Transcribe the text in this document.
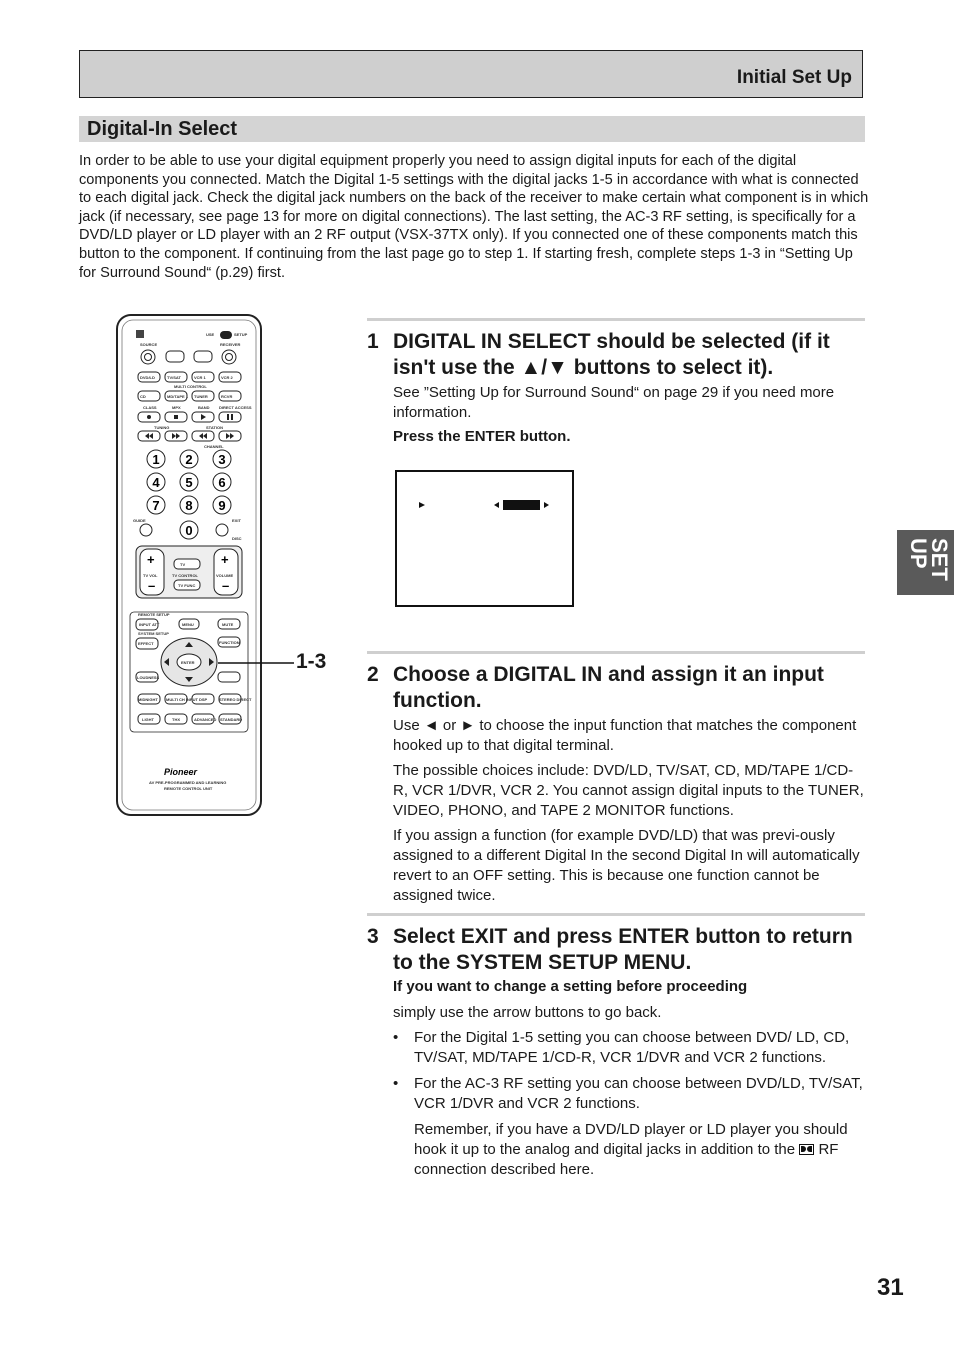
Initial Set Up
Digital-In Select
In order to be able to use your digital equipment properly you need to assign digital inputs for each of the digital components you connected. Match the Digital 1-5 settings with the digital jacks 1-5 in accordance with what is connected to each digital jack. Check the digital jack numbers on the back of the receiver to make certain what component is in which jack (if necessary, see page 13 for more on digital connections). The last setting, the AC-3 RF setting, is specifically for a DVD/LD player or LD player with an 2 RF output (VSX-37TX only). If you connected one of these components match this button to the component. If continuing from the last page go to step 1. If starting fresh, complete steps 1-3 in “Setting Up for Surround Sound“ (p.29) first.
USE	SETUP
SOURCE	RECEIVER
DVD/LD	TV/SAT	VCR 1	VCR 2
MULTI CONTROL
CD	MD/TAPE 1 TUNER	RCVR
CLASS	MPX	BAND DIRECT ACCESS
TUNING	STATION
CHANNEL
1 2 3
4 5 6
7 8 9
0
GUIDE	EXIT
DISC
+
–
+
–
TV
TV VOL	TV CONTROL	VOLUME
TV FUNC
REMOTE SETUP
INPUT ATT	MENU	MUTE
SYSTEM SETUP
EFFECT	FUNCTION
ENTER
LOUDNESS
MIDNIGHT MULTI CH INPUT DSP	STEREO DIRECT
LIGHT	THX	ADVANCED STANDARD
Pioneer
AV PRE-PROGRAMMED AND LEARNING
REMOTE CONTROL UNIT
1-3
1 DIGITAL IN SELECT should be selected (if it isn't use the ▲/▼ buttons to select it).
See ”Setting Up for Surround Sound“ on page 29 if you need more information.
Press the ENTER button.
2 Choose a DIGITAL IN and assign it an input function.
Use ◄ or ► to choose the input function that matches the component hooked up to that digital terminal.
The possible choices include: DVD/LD, TV/SAT, CD, MD/TAPE 1/CD-R, VCR 1/DVR, VCR 2. You cannot assign digital inputs to the TUNER, VIDEO, PHONO, and TAPE 2 MONITOR functions.
If you assign a function (for example DVD/LD) that was previ-ously assigned to a different Digital In the second Digital In will automatically revert to an OFF setting. This is because one function cannot be assigned twice.
3 Select EXIT and press ENTER button to return to the SYSTEM SETUP MENU.
If you want to change a setting before proceeding
simply use the arrow buttons to go back.
• For the Digital 1-5 setting you can choose between DVD/ LD, CD, TV/SAT, MD/TAPE 1/CD-R, VCR 1/DVR and VCR 2 functions.
• For the AC-3 RF setting you can choose between DVD/LD, TV/SAT, VCR 1/DVR and VCR 2 functions.
Remember, if you have a DVD/LD player or LD player you should hook it up to the analog and digital jacks in addition to the RF connection described here.
SET
UP
31
